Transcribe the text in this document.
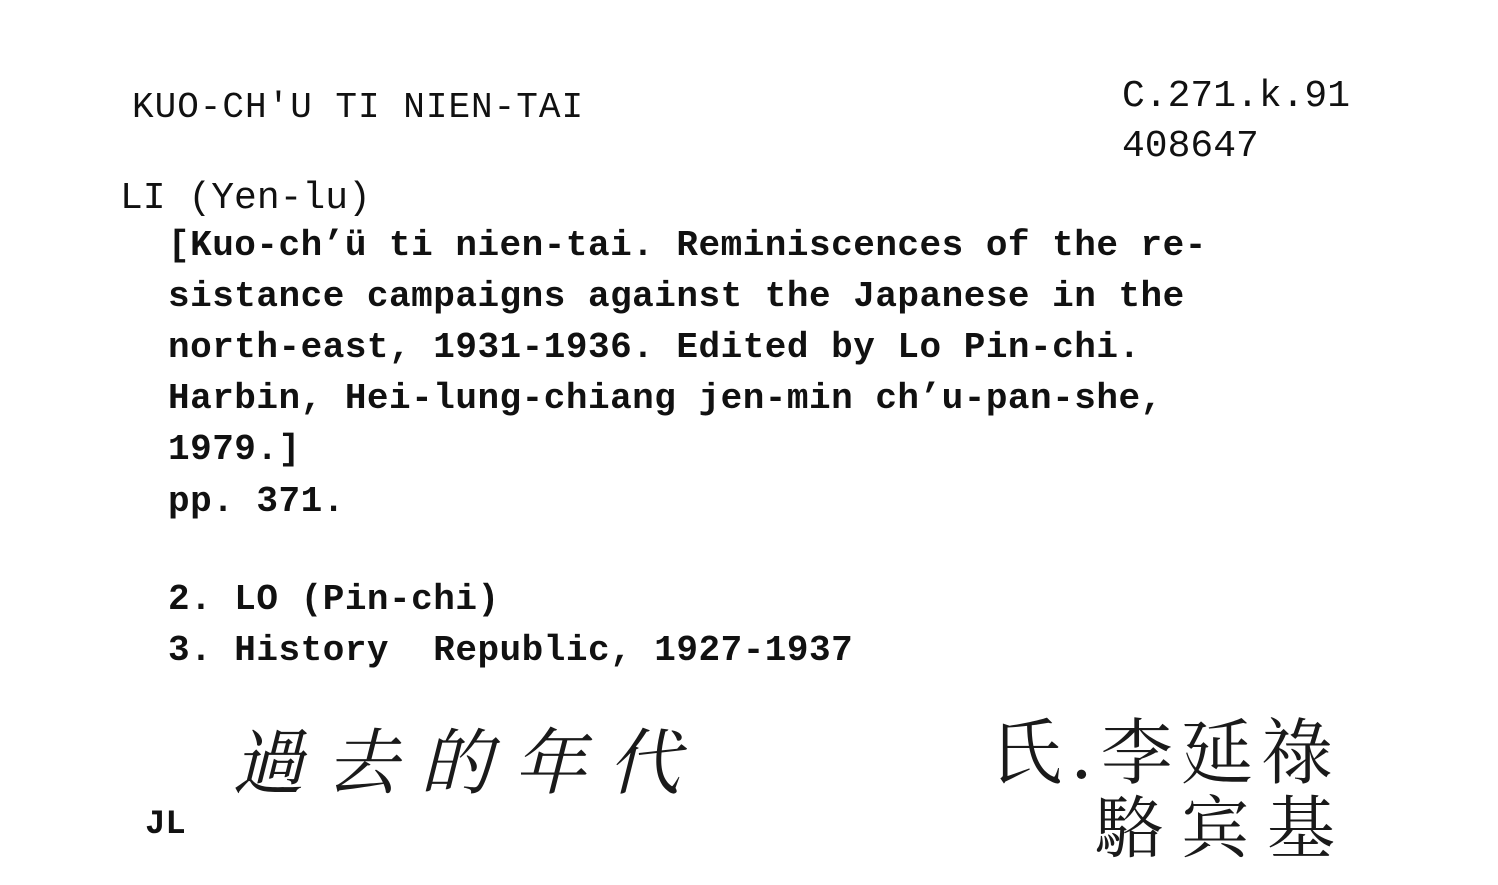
KUO-CH'U TI NIEN-TAI	C.271.k.91
408647
LI (Yen-lu)
[Kuo-ch’ü ti nien-tai. Reminiscences of the re-
sistance campaigns against the Japanese in the
north-east, 1931-1936. Edited by Lo Pin-chi.
Harbin, Hei-lung-chiang jen-min ch’u-pan-she,
1979.]
pp. 371.
2. LO (Pin-chi)
3. History  Republic, 1927-1937
過去的年代	氏.李延祿
駱宾基
JL
